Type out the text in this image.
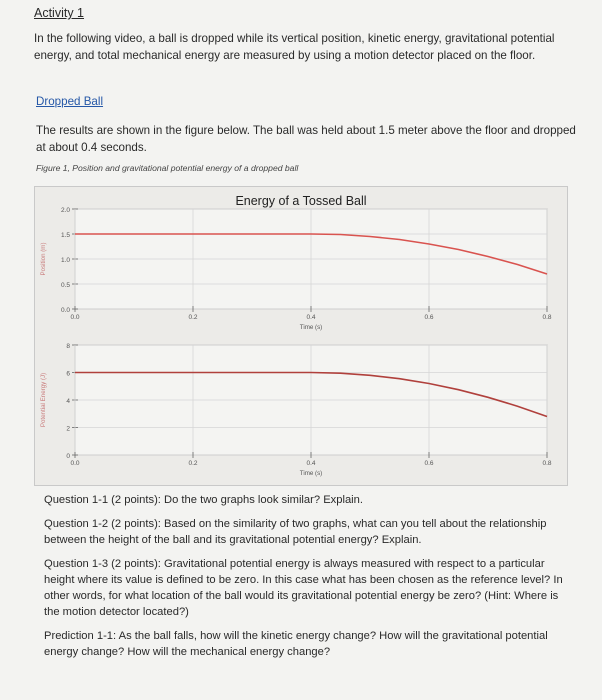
Activity 1

In the following video, a ball is dropped while its vertical position, kinetic energy, gravitational potential energy, and total mechanical energy are measured by using a motion detector placed on the floor.

Dropped Ball

The results are shown in the figure below. The ball was held about 1.5 meter above the floor and dropped at about 0.4 seconds.

Figure 1, Position and gravitational potential energy of a dropped ball
Energy of a Tossed Ball
0.0
0.5
1.0
1.5
2.0
0.0	0.2	0.4	0.6	0.8
Time (s)
Position (m)
0
2
4
6
8
0.0	0.2	0.4	0.6	0.8
Time (s)
Potential Energy (J)

Question 1-1 (2 points): Do the two graphs look similar? Explain.

Question 1-2 (2 points): Based on the similarity of two graphs, what can you tell about the relationship between the height of the ball and its gravitational potential energy? Explain.

Question 1-3 (2 points): Gravitational potential energy is always measured with respect to a particular height where its value is defined to be zero. In this case what has been chosen as the reference level? In other words, for what location of the ball would its gravitational potential energy be zero? (Hint: Where is the motion detector located?)

Prediction 1-1: As the ball falls, how will the kinetic energy change? How will the gravitational potential energy change? How will the mechanical energy change?
